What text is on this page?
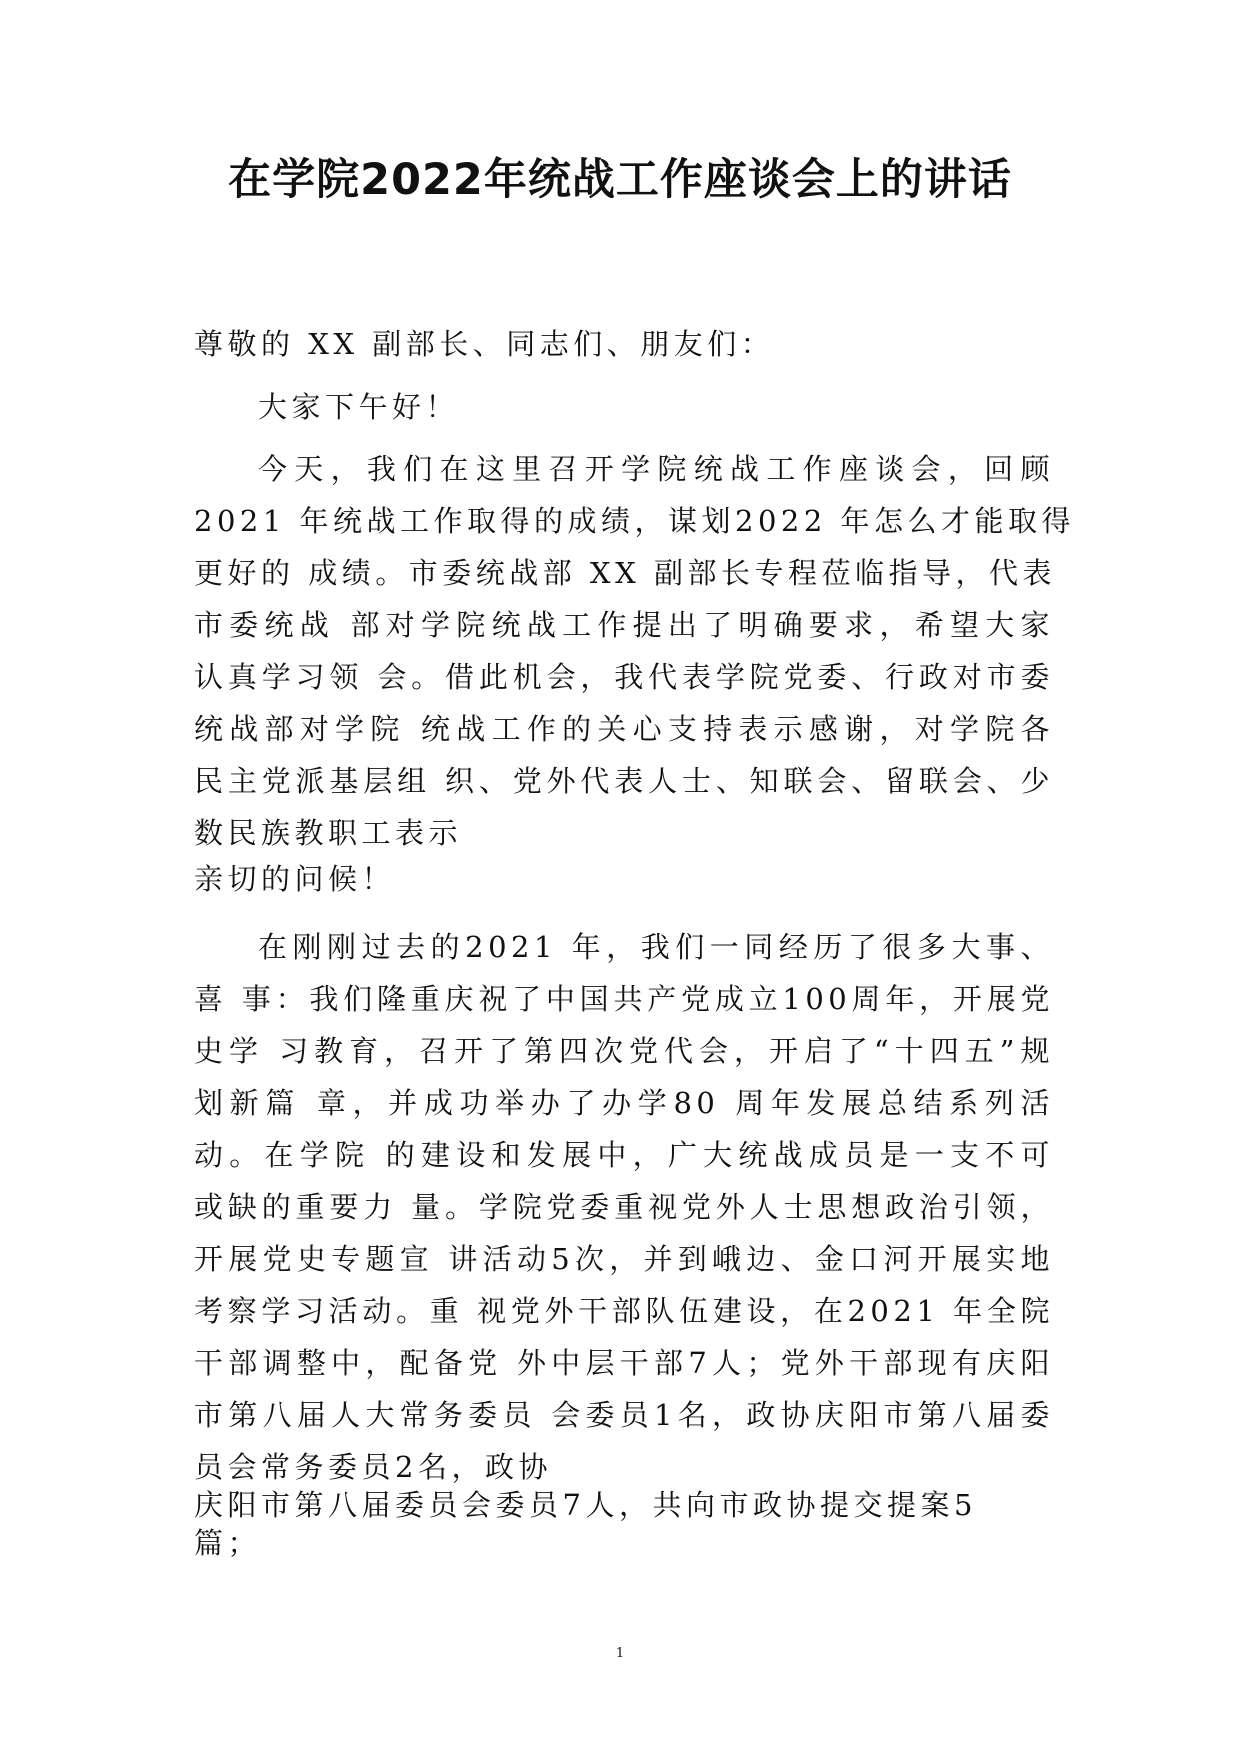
在学院2022年统战工作座谈会上的讲话

尊敬的 XX 副部长、同志们、朋友们：

大家下午好！

今天，我们在这里召开学院统战工作座谈会，回顾
2021 年统战工作取得的成绩，谋划2022 年怎么才能取得
更好的 成绩。市委统战部 XX 副部长专程莅临指导，代表
市委统战 部对学院统战工作提出了明确要求，希望大家
认真学习领 会。借此机会，我代表学院党委、行政对市委
统战部对学院 统战工作的关心支持表示感谢，对学院各
民主党派基层组 织、党外代表人士、知联会、留联会、少
数民族教职工表示

亲切的问候！

在刚刚过去的2021 年，我们一同经历了很多大事、
喜 事：我们隆重庆祝了中国共产党成立100周年，开展党
史学 习教育，召开了第四次党代会，开启了“十四五”规
划新篇 章，并成功举办了办学80 周年发展总结系列活
动。在学院 的建设和发展中，广大统战成员是一支不可
或缺的重要力 量。学院党委重视党外人士思想政治引领，
开展党史专题宣 讲活动5次，并到峨边、金口河开展实地
考察学习活动。重 视党外干部队伍建设，在2021 年全院
干部调整中，配备党 外中层干部7人；党外干部现有庆阳
市第八届人大常务委员 会委员1名，政协庆阳市第八届委
员会常务委员2名，政协
庆阳市第八届委员会委员7人，共向市政协提交提案5
篇；
1
